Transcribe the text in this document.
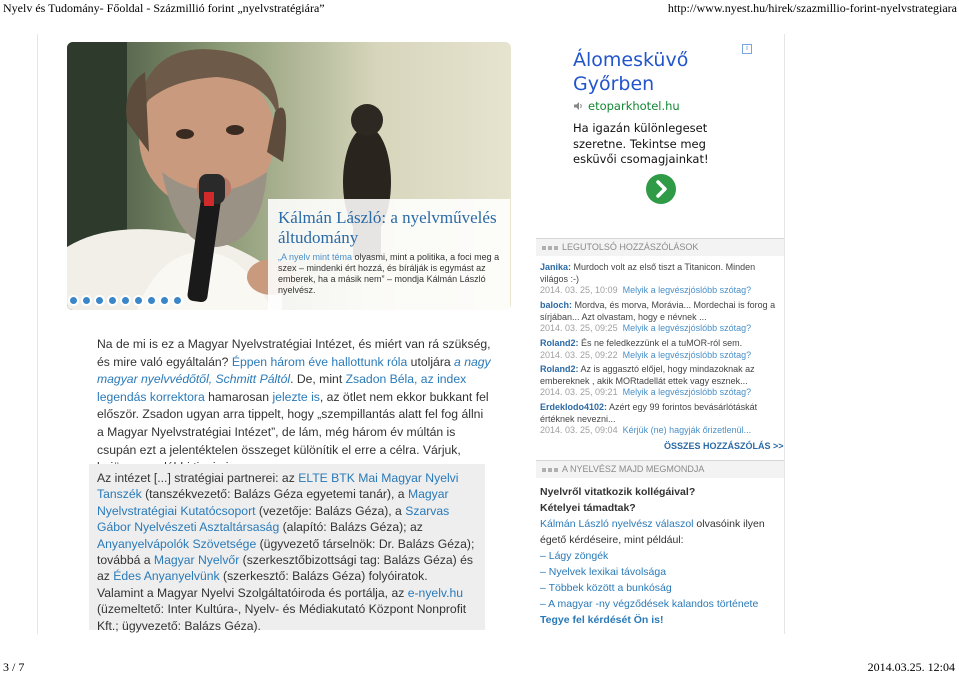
Nyelv és Tudomány- Főoldal - Százmillió forint „nyelvstratégiára”	http://www.nyest.hu/hirek/szazmillio-forint-nyelvstrategiara
Kálmán László: a nyelvművelés áltudomány
„A nyelv mint téma olyasmi, mint a politika, a foci meg a szex – mindenki ért hozzá, és bírálják is egymást az emberek, ha a másik nem” – mondja Kálmán László nyelvész.
Na de mi is ez a Magyar Nyelvstratégiai Intézet, és miért van rá szükség, és mire való egyáltalán? Éppen három éve hallottunk róla utoljára a nagy magyar nyelvvédőtől, Schmitt Páltól. De, mint Zsadon Béla, az index legendás korrektora hamarosan jelezte is, az ötlet nem ekkor bukkant fel először. Zsadon ugyan arra tippelt, hogy „szempillantás alatt fel fog állni a Magyar Nyelvstratégiai Intézet”, de lám, még három év múltán is csupán ezt a jelentéktelen összeget különítik el erre a célra. Várjuk,
Az intézet [...] stratégiai partnerei: az ELTE BTK Mai Magyar Nyelvi Tanszék (tanszékvezető: Balázs Géza egyetemi tanár), a Magyar Nyelvstratégiai Kutatócsoport (vezetője: Balázs Géza), a Szarvas Gábor Nyelvészeti Asztaltársaság (alapító: Balázs Géza); az Anyanyelvápolók Szövetsége (ügyvezető társelnök: Dr. Balázs Géza); továbbá a Magyar Nyelvőr (szerkesztőbizottsági tag: Balázs Géza) és az Édes Anyanyelvünk (szerkesztő: Balázs Géza) folyóiratok. Valamint a Magyar Nyelvi Szolgáltatóiroda és portálja, az e-nyelv.hu (üzemeltető: Inter Kultúra-, Nyelv- és Médiakutató Központ Nonprofit Kft.; ügyvezető: Balázs Géza).
Álomesküvő
Győrben
i
etoparkhotel.hu
Ha igazán különlegeset szeretne. Tekintse meg esküvői csomagjainkat!
LEGUTOLSÓ HOZZÁSZÓLÁSOK
Janika: Murdoch volt az első tiszt a Titanicon. Minden világos :-)
2014. 03. 25, 10:09 Melyik a legvészjóslóbb szótag?
baloch: Mordva, és morva, Morávia... Mordechai is forog a sírjában... Azt olvastam, hogy e névnek ...
2014. 03. 25, 09:25 Melyik a legvészjóslóbb szótag?
Roland2: És ne feledkezzünk el a tuMOR-ról sem.
2014. 03. 25, 09:22 Melyik a legvészjóslóbb szótag?
Roland2: Az is aggasztó előjel, hogy mindazoknak az embereknek , akik MORtadellát ettek vagy esznek...
2014. 03. 25, 09:21 Melyik a legvészjóslóbb szótag?
Erdeklodo4102: Azért egy 99 forintos bevásárlótáskát értéknek nevezni...
2014. 03. 25, 09:04 Kérjük (ne) hagyják őrizetlenül...
ÖSSZES HOZZÁSZÓLÁS >>
A NYELVÉSZ MAJD MEGMONDJA
Nyelvről vitatkozik kollégáival?
Kételyei támadtak?
Kálmán László nyelvész válaszol olvasóink ilyen égető kérdéseire, mint például:
– Lágy zöngék
– Nyelvek lexikai távolsága
– Többek között a bunkóság
– A magyar -ny végződések kalandos története
Tegye fel kérdését Ön is!
3 / 7	2014.03.25. 12:04
